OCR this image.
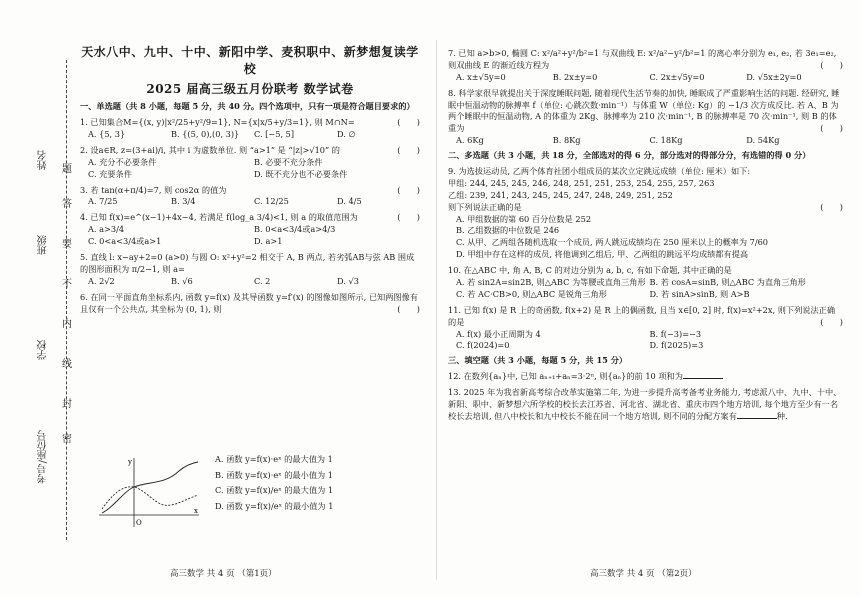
姓名
班级
学校
考号/座位号
题
答
要
不
内
线
封
密
天水八中、九中、十中、新阳中学、麦积职中、新梦想复读学校
2025 届高三级五月份联考 数学试卷
一、单选题（共 8 小题，每题 5 分，共 40 分。四个选项中，只有一项是符合题目要求的）
1. 已知集合M={(x, y)|x²/25+y²/9=1}, N={x|x/5+y/3=1}, 则 M∩N=	(　　)
A. {5, 3}	B. {(5, 0),(0, 3)}	C. [−5, 5]	D. ∅
2. 设a∈R, z=(3+ai)/i, 其中 i 为虚数单位. 则 “a>1” 是 “|z|>√10” 的	(　　)
A. 充分不必要条件	B. 必要不充分条件
C. 充要条件	D. 既不充分也不必要条件
3. 若 tan(α+π/4)=7, 则 cos2α 的值为	(　　)
A. 7/25	B. 3/4	C. 12/25	D. 4/5
4. 已知 f(x)=e^(x−1)+4x−4, 若满足 f(log_a 3/4)<1, 则 a 的取值范围为	(　　)
A. a>3/4	B. 0<a<3/4或a>4/3
C. 0<a<3/4或a>1	D. a>1
5. 直线 l: x−ay+2=0 (a>0) 与圆 O: x²+y²=2 相交于 A, B 两点, 若劣弧AB与弦 AB 围成的图形面积为 π/2−1, 则 a=
A. 2√2	B. √6	C. 2	D. √3
6. 在同一平面直角坐标系内, 函数 y=f(x) 及其导函数 y=f′(x) 的图像如图所示, 已知两图像有且仅有一个公共点, 其坐标为 (0, 1), 则	(　　)
O
x
y	A. 函数 y=f(x)·eˣ 的最大值为 1
B. 函数 y=f(x)·eˣ 的最小值为 1
C. 函数 y=f(x)/eˣ 的最大值为 1
D. 函数 y=f(x)/eˣ 的最小值为 1
高三数学 共 4 页 （第1页）
7. 已知 a>b>0, 椭圆 C: x²/a²+y²/b²=1 与双曲线 E: x²/a²−y²/b²=1 的离心率分别为 e₁, e₂, 若 3e₁=e₂, 则双曲线 E 的渐近线方程为	(　　)
A. x±√5y=0	B. 2x±y=0	C. 2x±√5y=0	D. √5x±2y=0
8. 科学家很早就提出关于深度睡眠问题, 随着现代生活节奏的加快, 睡眠成了严重影响生活的问题. 经研究, 睡眠中恒温动物的脉搏率 f（单位: 心跳次数·min⁻¹）与体重 W（单位: Kg）的 −1/3 次方成反比. 若 A、B 为两个睡眠中的恒温动物, A 的体重为 2Kg、脉搏率为 210 次·min⁻¹, B 的脉搏率是 70 次·min⁻¹, 则 B 的体重为	(　　)
A. 6Kg	B. 8Kg	C. 18Kg	D. 54Kg
二、多选题（共 3 小题，共 18 分，全部选对的得 6 分，部分选对的得部分分，有选错的得 0 分）
9. 为选拔运动员, 乙两个体育社团小组成员的某次立定跳远成绩（单位: 厘米）如下:
甲组: 244, 245, 245, 246, 248, 251, 251, 253, 254, 255, 257, 263
乙组: 239, 241, 243, 245, 245, 247, 248, 249, 251, 252
则下列说法正确的是	(　　)
A. 甲组数据的第 60 百分位数是 252
B. 乙组数据的中位数是 246
C. 从甲、乙两组各随机选取一个成员, 两人跳远成绩均在 250 厘米以上的概率为 7/60
D. 甲组中存在这样的成员, 将他调到乙组后, 甲、乙两组的跳远平均成绩都有提高
10. 在△ABC 中, 角 A, B, C 的对边分别为 a, b, c, 有如下命题, 其中正确的是
A. 若 sin2A=sin2B, 则△ABC 为等腰或直角三角形 B. 若 cosA=sinB, 则△ABC 为直角三角形
C. 若 AC·CB>0, 则△ABC 是锐角三角形	D. 若 sinA>sinB, 则 A>B
11. 已知 f(x) 是 R 上的奇函数, f(x+2) 是 R 上的偶函数, 且当 x∈[0, 2] 时, f(x)=x²+2x, 则下列说法正确的是	(　　)
A. f(x) 最小正周期为 4	B. f(−3)=−3
C. f(2024)=0	D. f(2025)=3
三、填空题（共 3 小题，每题 5 分，共 15 分）
12. 在数列{aₙ}中, 已知 aₙ₊₁+aₙ=3·2ⁿ, 则{aₙ}的前 10 项和为
13. 2025 年为我省新高考综合改革实施第二年, 为进一步提升高考备考业务能力, 考虑派八中、九中、十中、新阳、职中、新梦想六所学校的校长去江苏省、河北省、湖北省、重庆市四个地方培训, 每个地方至少有一名校长去培训, 但八中校长和九中校长不能在同一个地方培训, 则不同的分配方案有	种.
高三数学 共 4 页 （第2页）
